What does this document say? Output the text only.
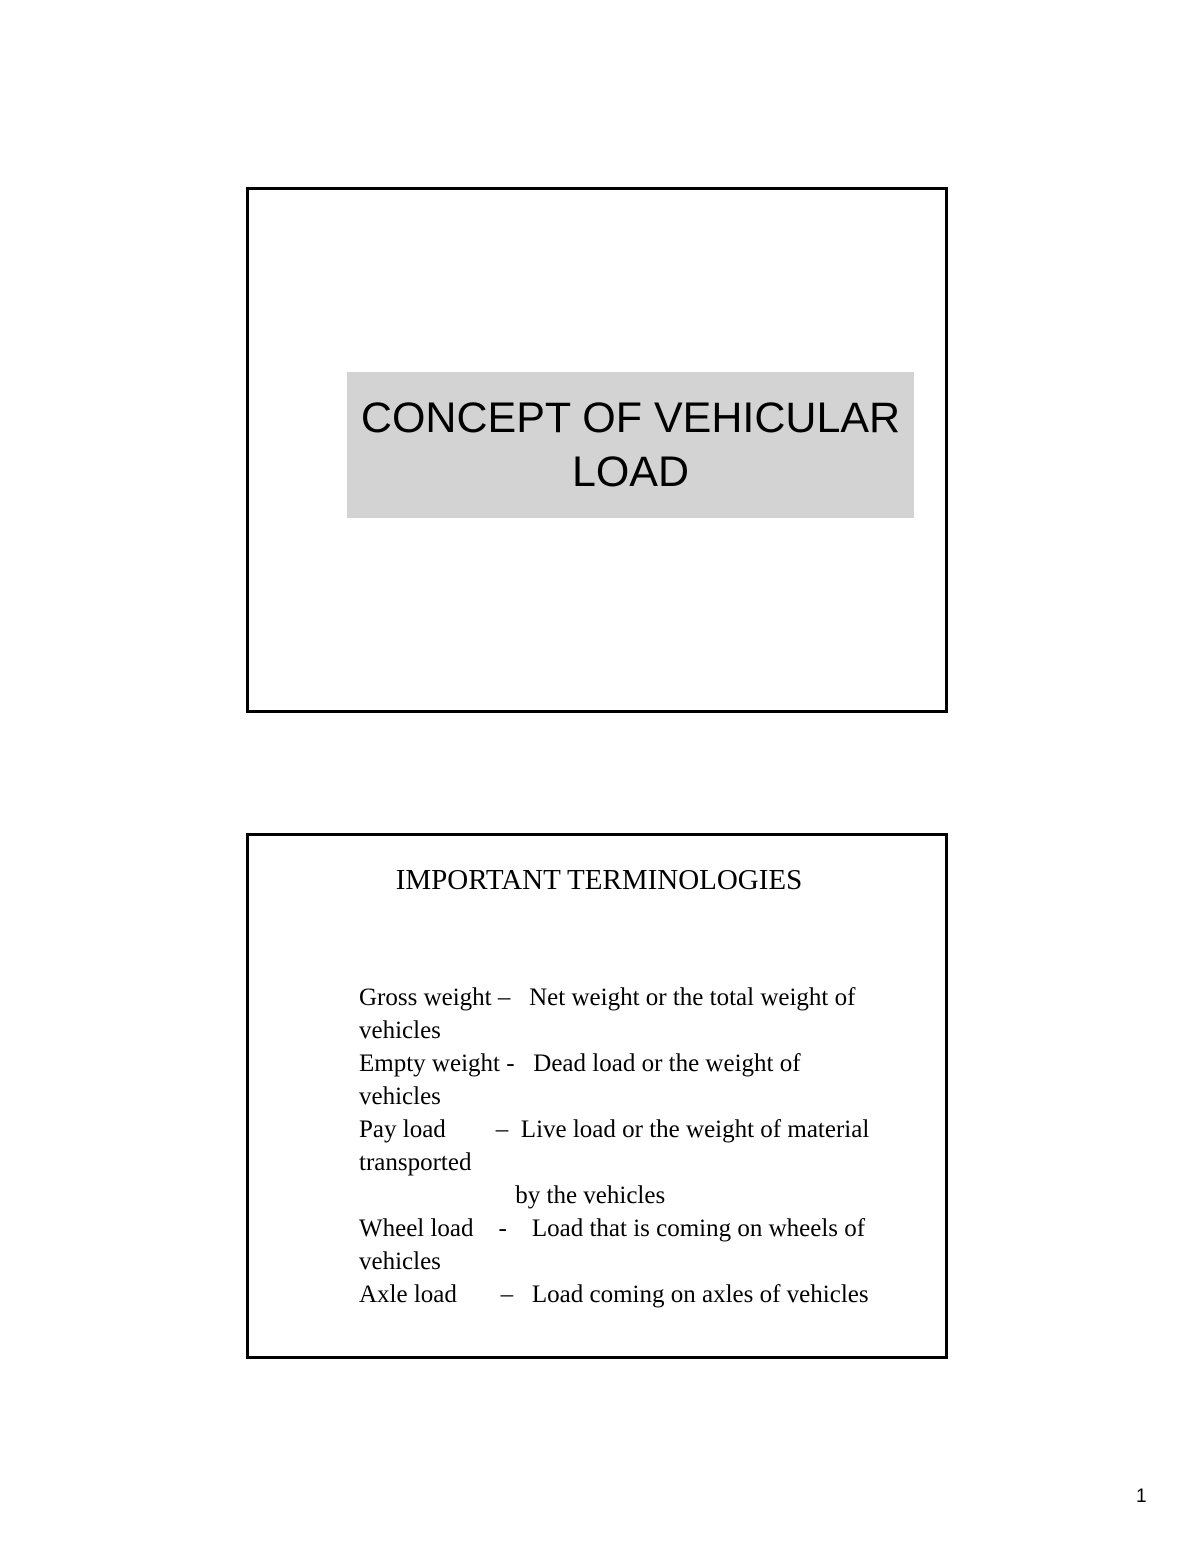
CONCEPT OF VEHICULAR
LOAD
IMPORTANT TERMINOLOGIES
Gross weight –   Net weight or the total weight of
vehicles
Empty weight -   Dead load or the weight of
vehicles
Pay load        –  Live load or the weight of material
transported
by the vehicles
Wheel load    -    Load that is coming on wheels of
vehicles
Axle load       –   Load coming on axles of vehicles
1
